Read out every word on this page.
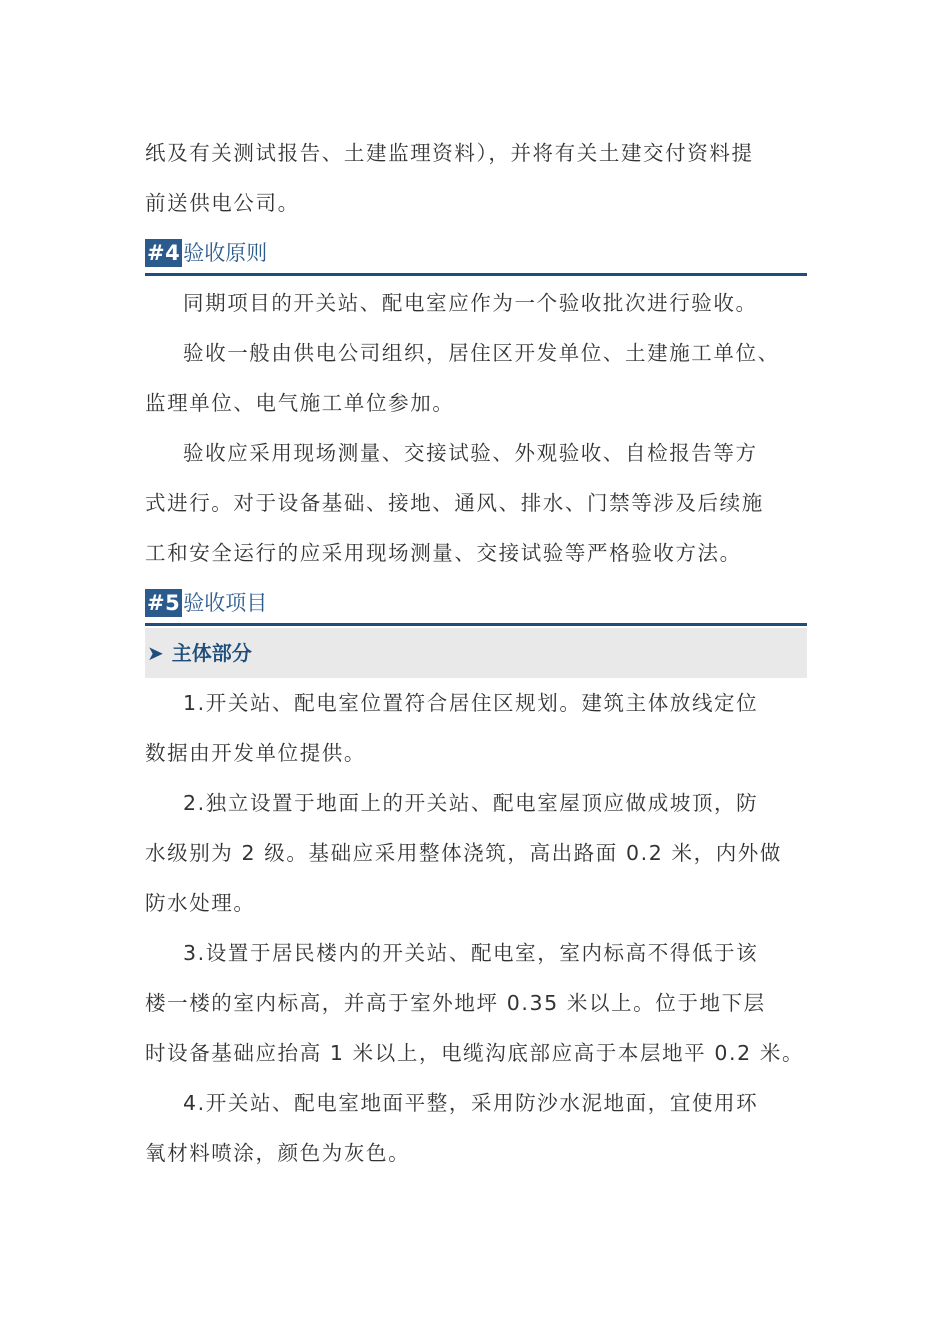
纸及有关测试报告、土建监理资料），并将有关土建交付资料提
前送供电公司。
#4 验收原则
同期项目的开关站、配电室应作为一个验收批次进行验收。
验收一般由供电公司组织，居住区开发单位、土建施工单位、
监理单位、电气施工单位参加。
验收应采用现场测量、交接试验、外观验收、自检报告等方
式进行。对于设备基础、接地、通风、排水、门禁等涉及后续施
工和安全运行的应采用现场测量、交接试验等严格验收方法。
#5 验收项目
➤ 主体部分
1.开关站、配电室位置符合居住区规划。建筑主体放线定位
数据由开发单位提供。
2.独立设置于地面上的开关站、配电室屋顶应做成坡顶，防
水级别为 2 级。基础应采用整体浇筑，高出路面 0.2 米，内外做
防水处理。
3.设置于居民楼内的开关站、配电室，室内标高不得低于该
楼一楼的室内标高，并高于室外地坪 0.35 米以上。位于地下层
时设备基础应抬高 1 米以上，电缆沟底部应高于本层地平 0.2 米。
4.开关站、配电室地面平整，采用防沙水泥地面，宜使用环
氧材料喷涂，颜色为灰色。
